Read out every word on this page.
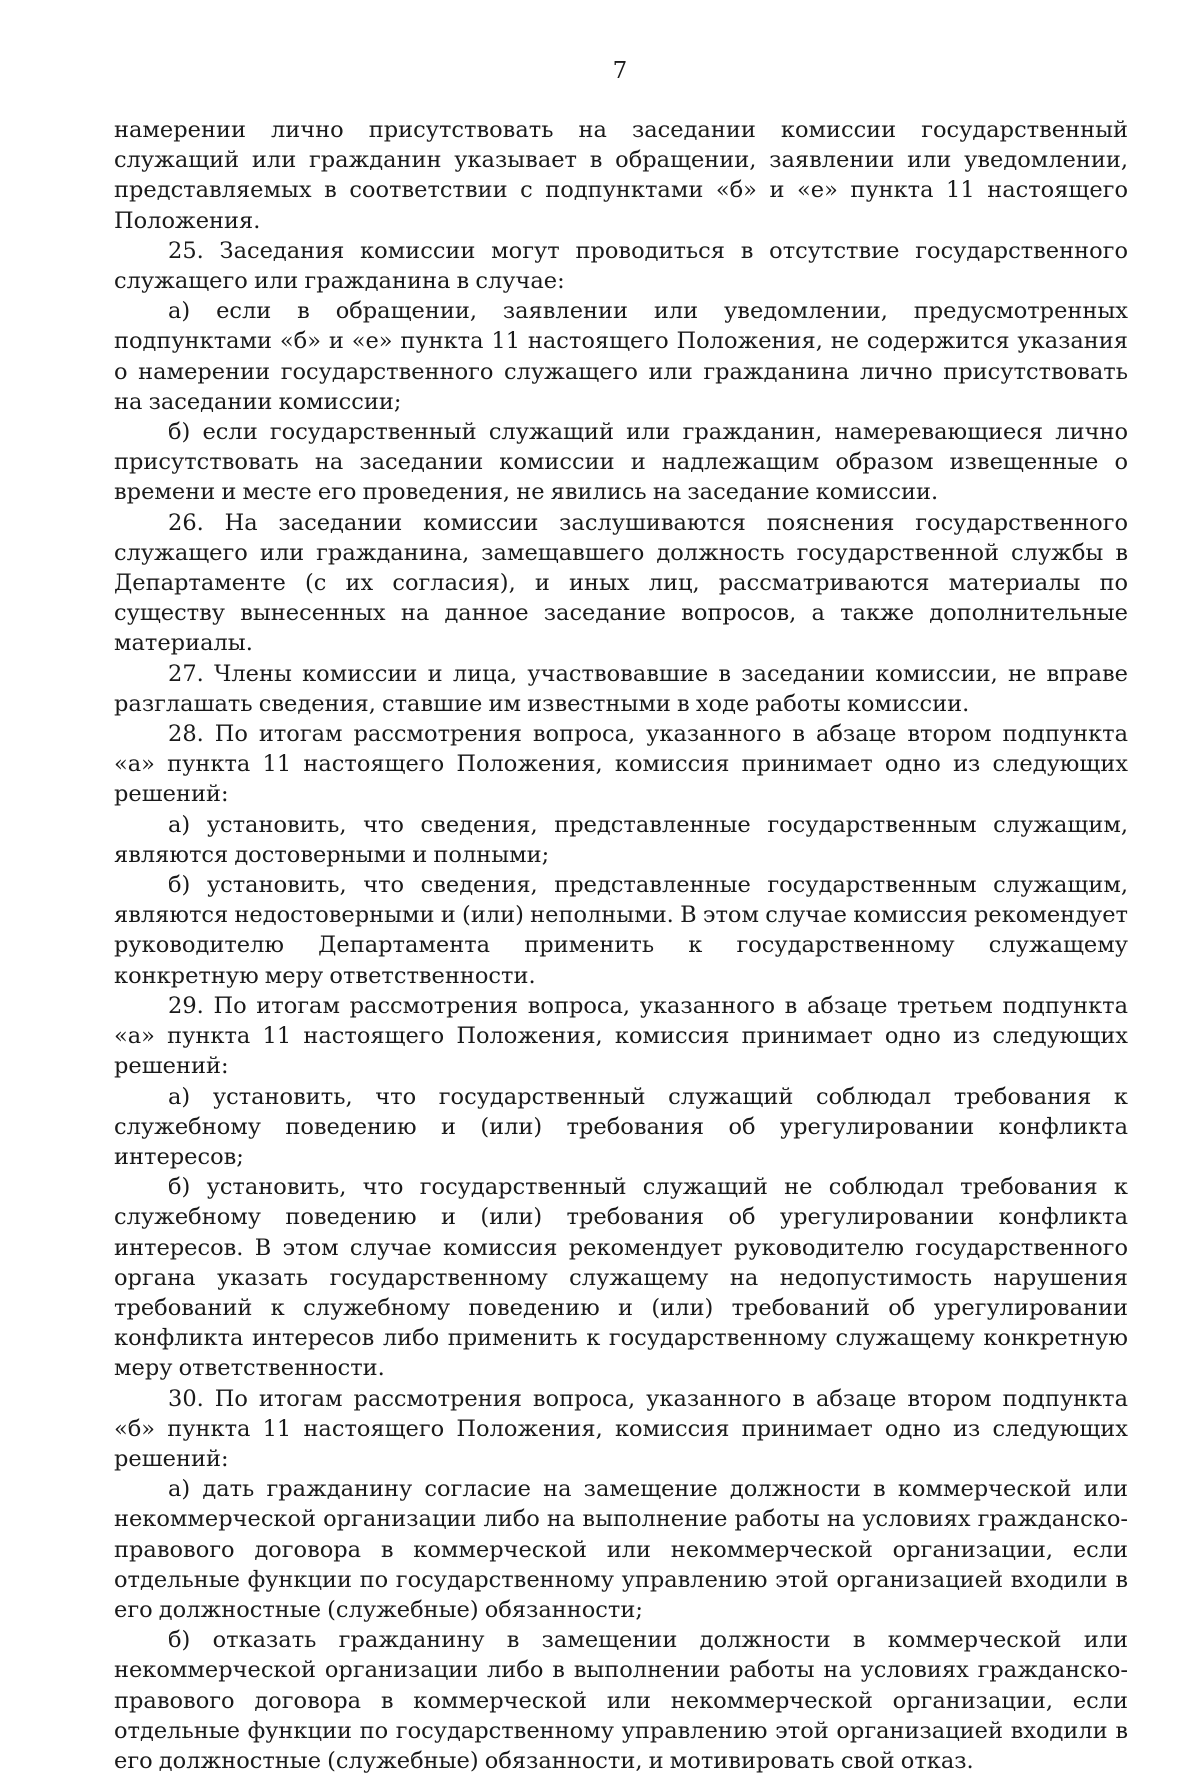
7

намерении лично присутствовать на заседании комиссии государственный служащий или гражданин указывает в обращении, заявлении или уведомлении, представляемых в соответствии с подпунктами «б» и «е» пункта 11 настоящего Положения.

25. Заседания комиссии могут проводиться в отсутствие государственного служащего или гражданина в случае:

а) если в обращении, заявлении или уведомлении, предусмотренных подпунктами «б» и «е» пункта 11 настоящего Положения, не содержится указания о намерении государственного служащего или гражданина лично присутствовать на заседании комиссии;

б) если государственный служащий или гражданин, намеревающиеся лично присутствовать на заседании комиссии и надлежащим образом извещенные о времени и месте его проведения, не явились на заседание комиссии.

26. На заседании комиссии заслушиваются пояснения государственного служащего или гражданина, замещавшего должность государственной службы в Департаменте (с их согласия), и иных лиц, рассматриваются материалы по существу вынесенных на данное заседание вопросов, а также дополнительные материалы.

27. Члены комиссии и лица, участвовавшие в заседании комиссии, не вправе разглашать сведения, ставшие им известными в ходе работы комиссии.

28. По итогам рассмотрения вопроса, указанного в абзаце втором подпункта «а» пункта 11 настоящего Положения, комиссия принимает одно из следующих решений:

а) установить, что сведения, представленные государственным служащим, являются достоверными и полными;

б) установить, что сведения, представленные государственным служащим, являются недостоверными и (или) неполными. В этом случае комиссия рекомендует руководителю Департамента применить к государственному служащему конкретную меру ответственности.

29. По итогам рассмотрения вопроса, указанного в абзаце третьем подпункта «а» пункта 11 настоящего Положения, комиссия принимает одно из следующих решений:

а) установить, что государственный служащий соблюдал требования к служебному поведению и (или) требования об урегулировании конфликта интересов;

б) установить, что государственный служащий не соблюдал требования к служебному поведению и (или) требования об урегулировании конфликта интересов. В этом случае комиссия рекомендует руководителю государственного органа указать государственному служащему на недопустимость нарушения требований к служебному поведению и (или) требований об урегулировании конфликта интересов либо применить к государственному служащему конкретную меру ответственности.

30. По итогам рассмотрения вопроса, указанного в абзаце втором подпункта «б» пункта 11 настоящего Положения, комиссия принимает одно из следующих решений:

а) дать гражданину согласие на замещение должности в коммерческой или некоммерческой организации либо на выполнение работы на условиях гражданско-правового договора в коммерческой или некоммерческой организации, если отдельные функции по государственному управлению этой организацией входили в его должностные (служебные) обязанности;

б) отказать гражданину в замещении должности в коммерческой или некоммерческой организации либо в выполнении работы на условиях гражданско-правового договора в коммерческой или некоммерческой организации, если отдельные функции по государственному управлению этой организацией входили в его должностные (служебные) обязанности, и мотивировать свой отказ.
